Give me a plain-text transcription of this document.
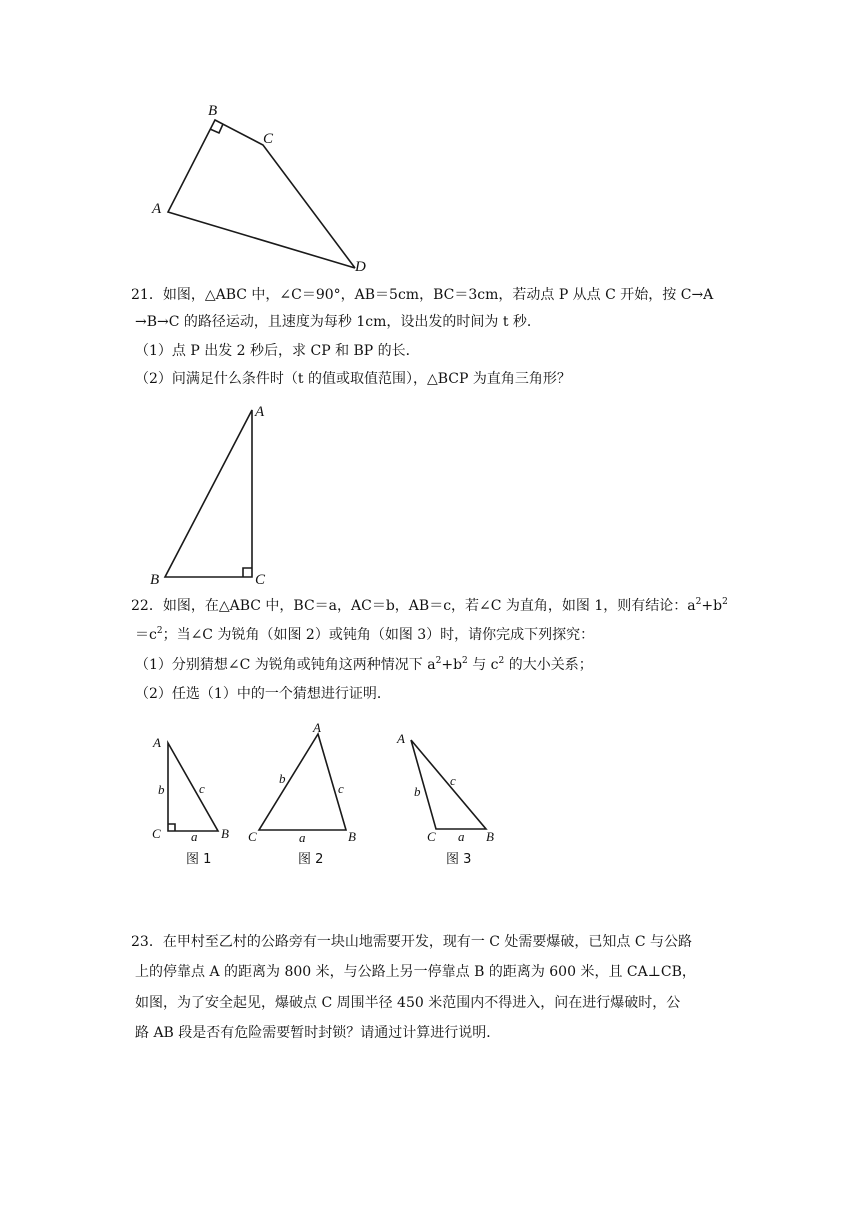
B
C
A
D
21．如图，△ABC 中，∠C＝90°，AB＝5cm，BC＝3cm，若动点 P 从点 C 开始，按 C→A
→B→C 的路径运动，且速度为每秒 1cm，设出发的时间为 t 秒．
（1）点 P 出发 2 秒后，求 CP 和 BP 的长．
（2）问满足什么条件时（t 的值或取值范围），△BCP 为直角三角形？
A
B	C
22．如图，在△ABC 中，BC＝a，AC＝b，AB＝c，若∠C 为直角，如图 1，则有结论：$a^2+b^2$
$=c^2$；当∠C 为锐角（如图 2）或钝角（如图 3）时，请你完成下列探究：
（1）分别猜想∠C 为锐角或钝角这两种情况下 $a^2+b^2$ 与 $c^2$ 的大小关系；
（2）任选（1）中的一个猜想进行证明．
A
C	B
b	c
a
图 1
A
C	B
b
c
a
图 2
A
C	B
b
c
a
图 3
23．在甲村至乙村的公路旁有一块山地需要开发，现有一 C 处需要爆破，已知点 C 与公路
上的停靠点 A 的距离为 800 米，与公路上另一停靠点 B 的距离为 600 米，且 CA⊥CB，
如图，为了安全起见，爆破点 C 周围半径 450 米范围内不得进入，问在进行爆破时，公
路 AB 段是否有危险需要暂时封锁？请通过计算进行说明．
